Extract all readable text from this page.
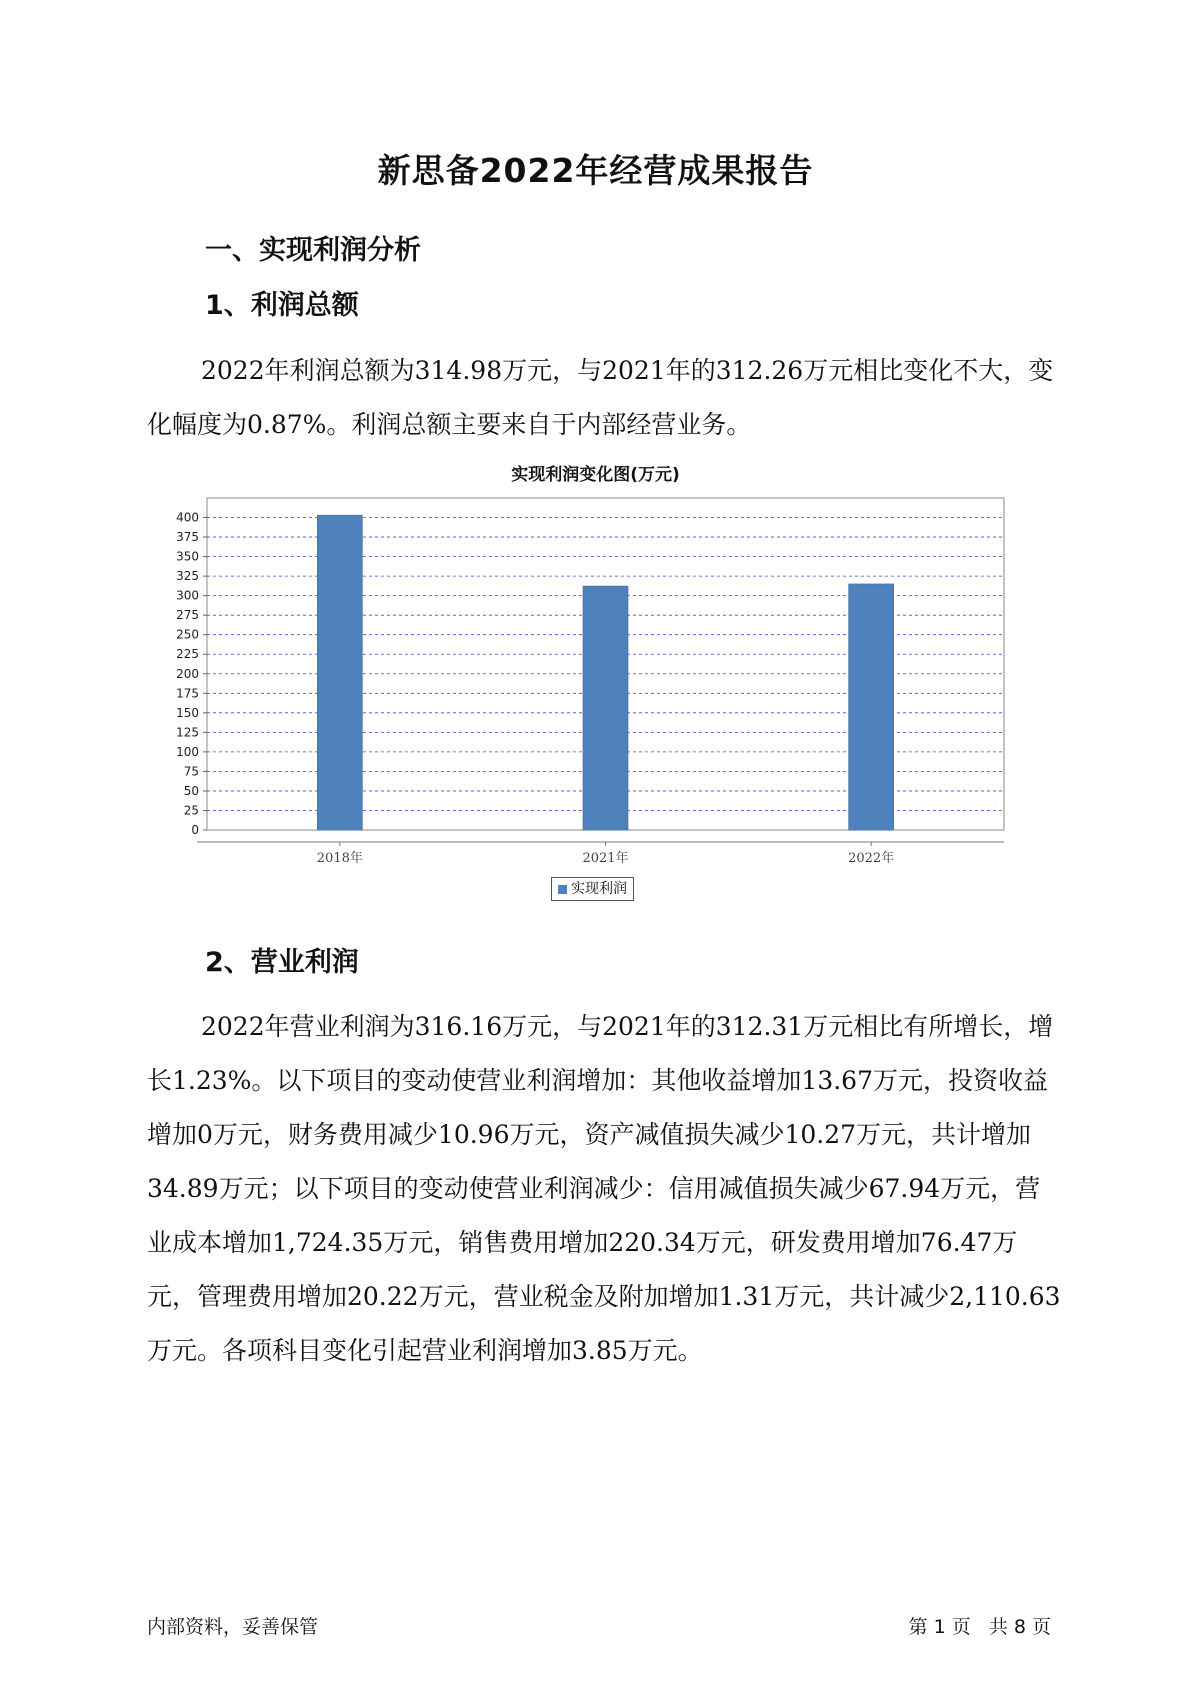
新思备2022年经营成果报告
一、实现利润分析
1、利润总额

2022年利润总额为314.98万元，与2021年的312.26万元相比变化不大，变化幅度为0.87%。利润总额主要来自于内部经营业务。

实现利润变化图(万元)
0
25
50
75
100
125
150
175
200
225
250
275
300
325
350
375
400
2018年	2021年	2022年
实现利润
2、营业利润

2022年营业利润为316.16万元，与2021年的312.31万元相比有所增长，增长1.23%。以下项目的变动使营业利润增加：其他收益增加13.67万元，投资收益增加0万元，财务费用减少10.96万元，资产减值损失减少10.27万元，共计增加34.89万元；以下项目的变动使营业利润减少：信用减值损失减少67.94万元，营业成本增加1,724.35万元，销售费用增加220.34万元，研发费用增加76.47万元，管理费用增加20.22万元，营业税金及附加增加1.31万元，共计减少2,110.63万元。各项科目变化引起营业利润增加3.85万元。

内部资料，妥善保管	第 1 页   共 8 页
